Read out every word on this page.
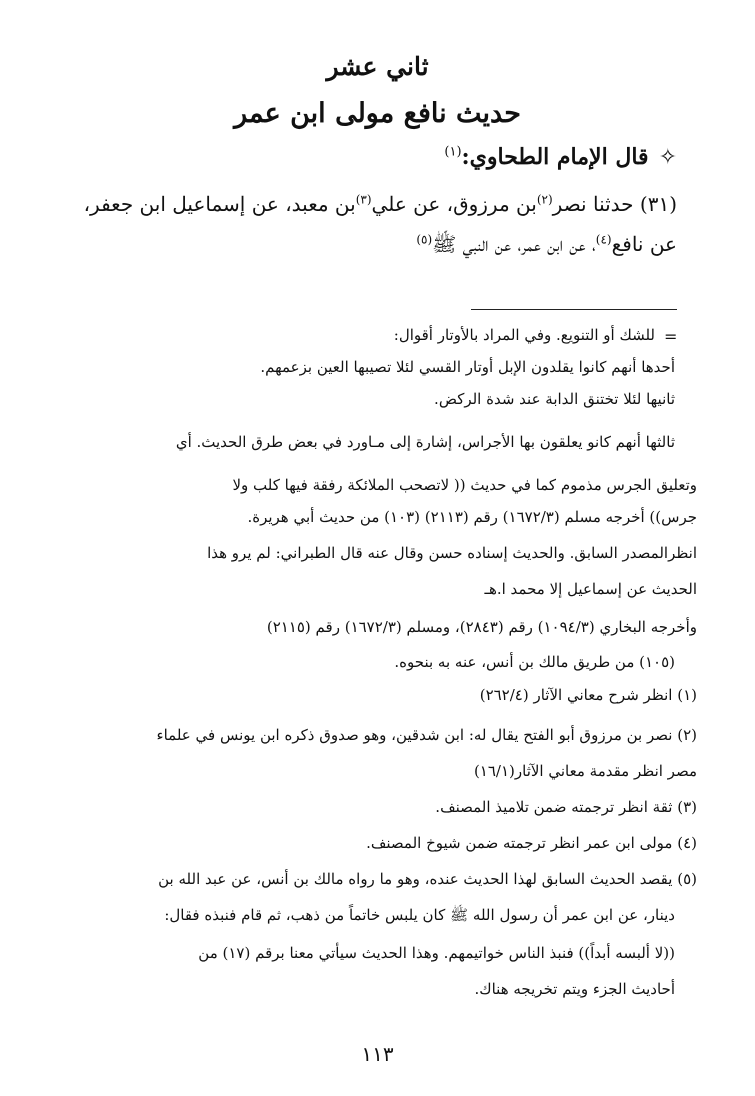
ثاني عشر
حديث نافع مولى ابن عمر
✧قال الإمام الطحاوي:$^{(١)}$
(٣١) حدثنا نصر$^{(٢)}$بن مرزوق، عن علي$^{(٣)}$بن معبد، عن إسماعيل ابن جعفر،
عن نافع$^{(٤)}$، عن ابن عمر، عن النبي ﷺ$^{(٥)}$
=
للشك أو التنويع. وفي المراد بالأوتار أقوال:
أحدها أنهم كانوا يقلدون الإبل أوتار القسي لئلا تصيبها العين بزعمهم.
ثانيها لئلا تختنق الدابة عند شدة الركض.
ثالثها أنهم كانو يعلقون بها الأجراس، إشارة إلى مـاورد في بعض طرق الحديث. أي
وتعليق الجرس مذموم كما في حديث (( لاتصحب الملائكة رفقة فيها كلب ولا
جرس)) أخرجه مسلم (١٦٧٢/٣) رقم (٢١١٣) (١٠٣) من حديث أبي هريرة.
انظرالمصدر السابق. والحديث إسناده حسن وقال عنه قال الطبراني: لم يرو هذا
الحديث عن إسماعيل إلا محمد ا.هـ
وأخرجه البخاري (١٠٩٤/٣) رقم (٢٨٤٣)، ومسلم (١٦٧٢/٣) رقم (٢١١٥)
(١٠٥) من طريق مالك بن أنس، عنه به بنحوه.
(١) انظر شرح معاني الآثار (٢٦٢/٤)
(٢) نصر بن مرزوق أبو الفتح يقال له: ابن شدقين، وهو صدوق ذكره ابن يونس في علماء
مصر انظر مقدمة معاني الآثار(١٦/١)
(٣) ثقة انظر ترجمته ضمن تلاميذ المصنف.
(٤) مولى ابن عمر انظر ترجمته ضمن شيوخ المصنف.
(٥) يقصد الحديث السابق لهذا الحديث عنده، وهو ما رواه مالك بن أنس، عن عبد الله بن
دينار، عن ابن عمر أن رسول الله ﷺ كان يلبس خاتماً من ذهب، ثم قام فنبذه فقال:
((لا ألبسه أبداً)) فنبذ الناس خواتيمهم. وهذا الحديث سيأتي معنا برقم (١٧) من
أحاديث الجزء ويتم تخريجه هناك.
١١٣
